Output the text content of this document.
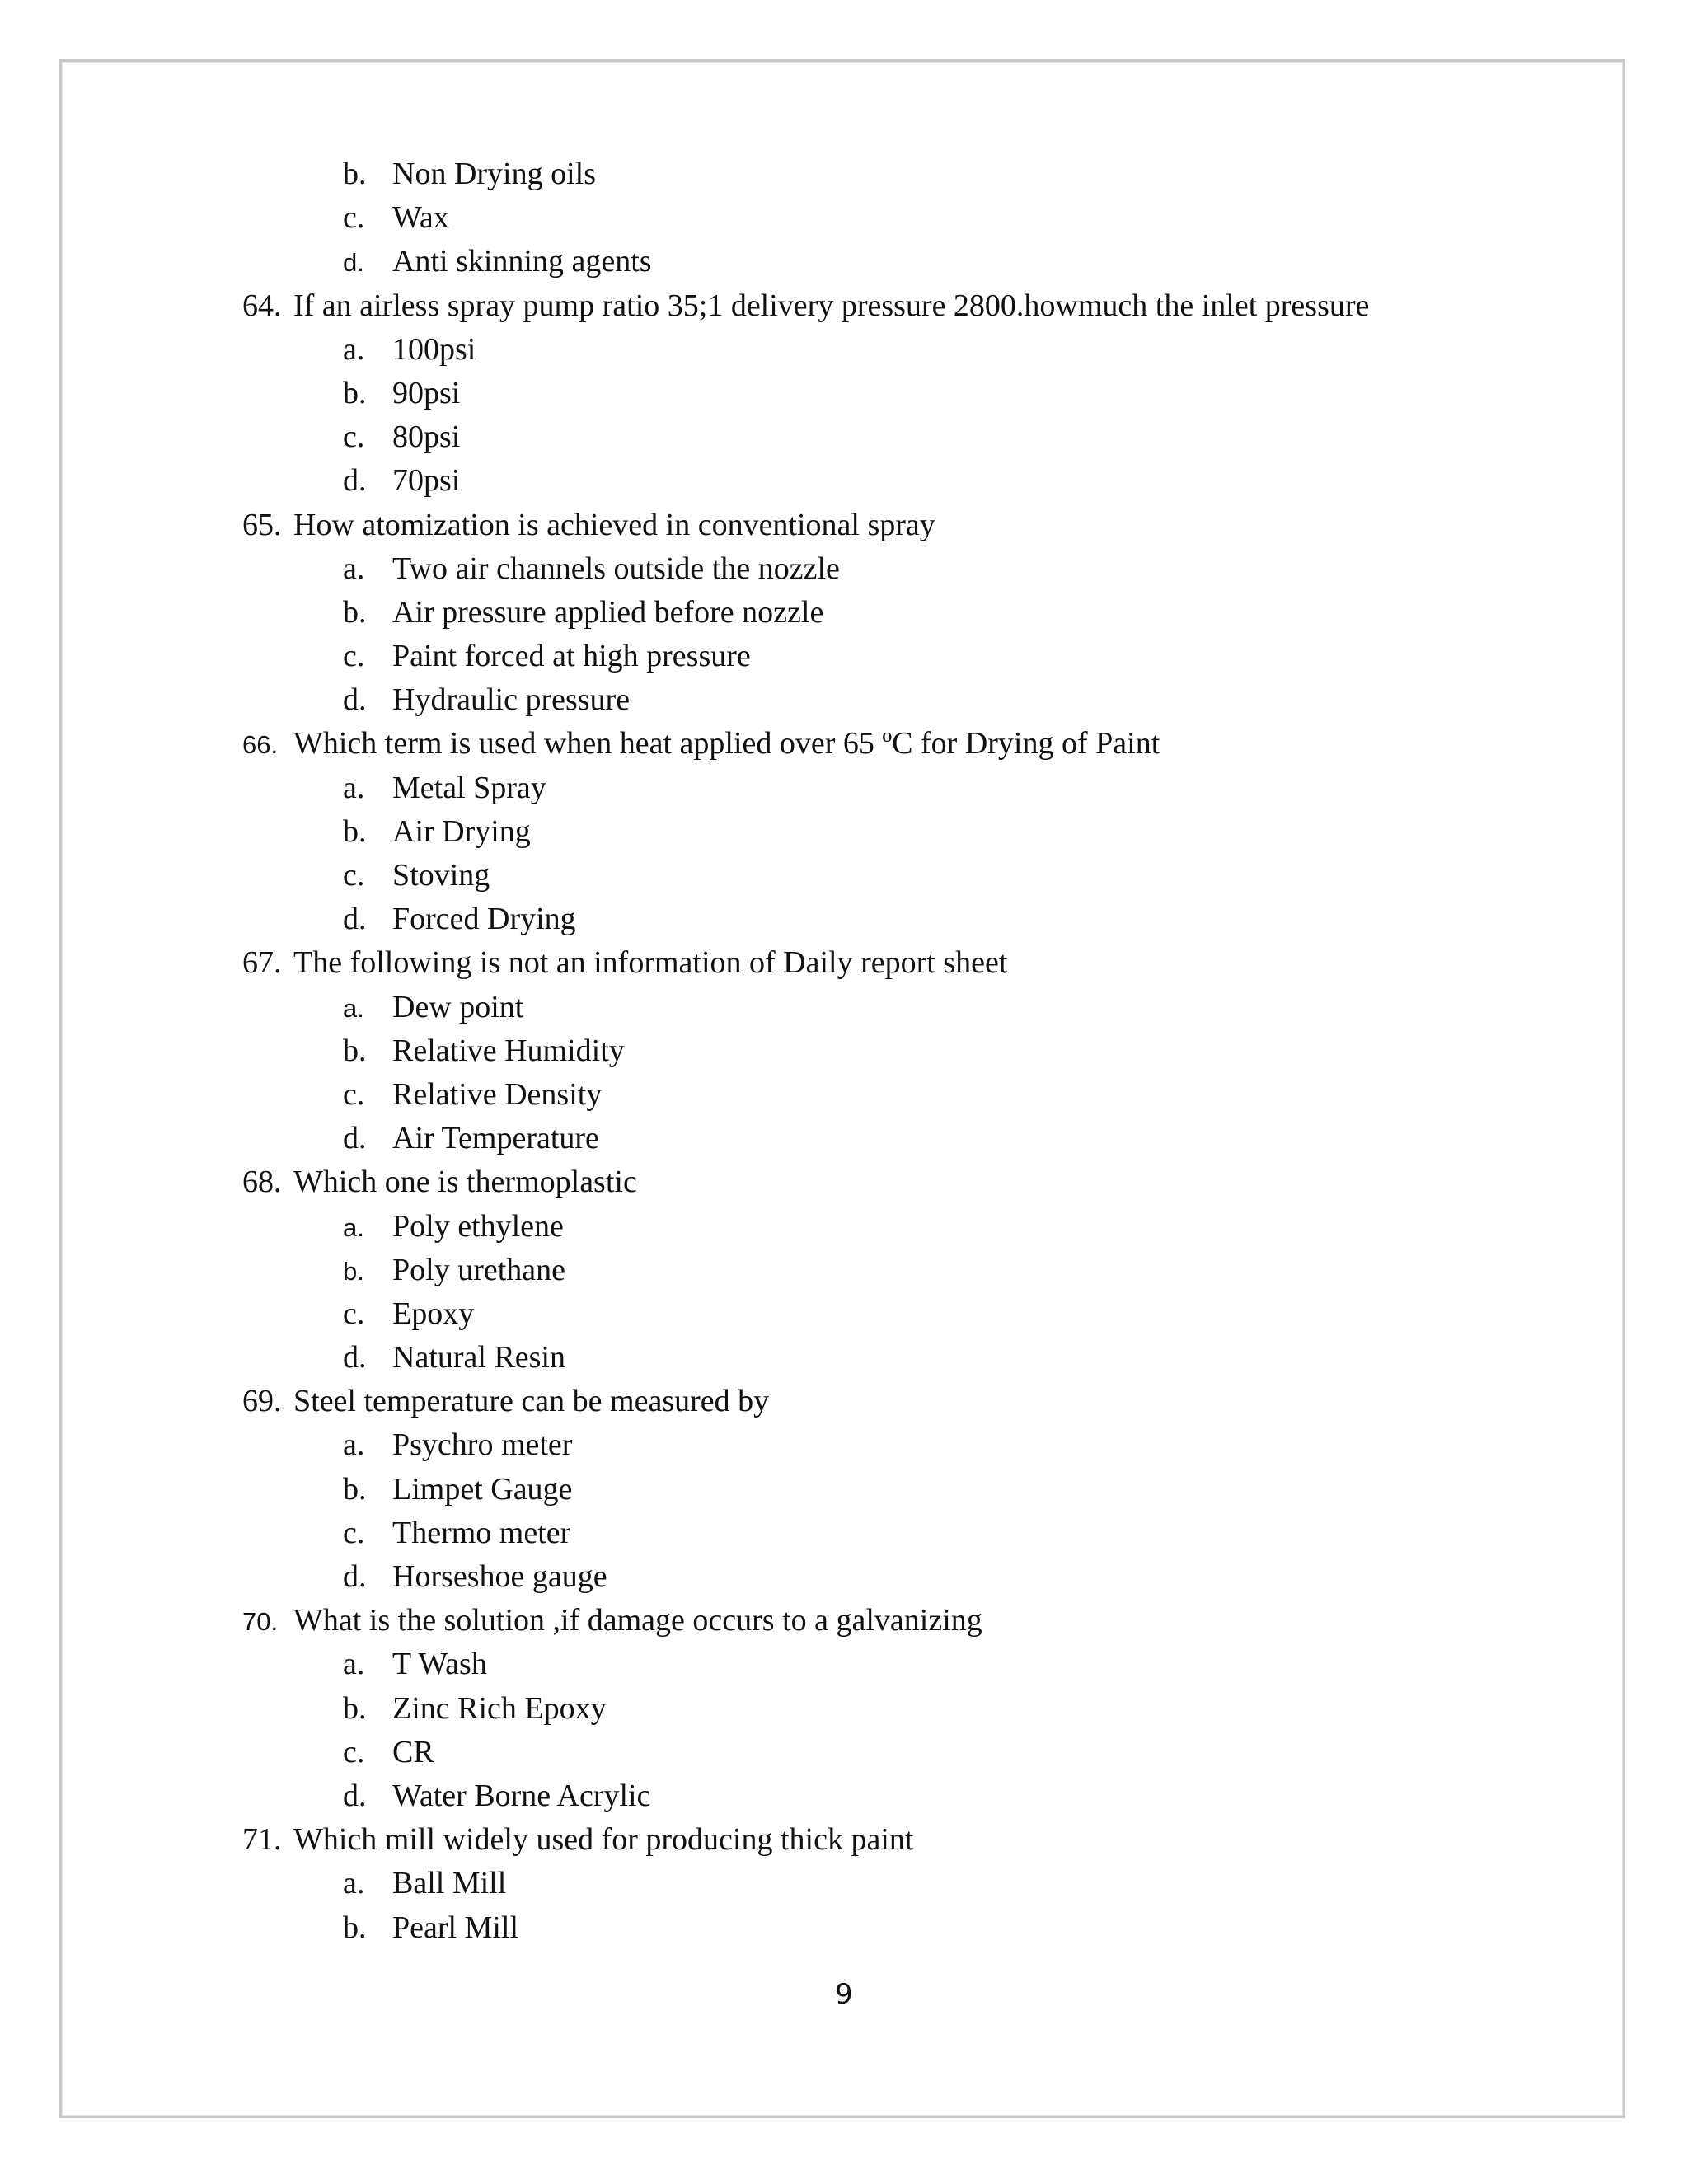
b. Non Drying oils
c. Wax
d. Anti skinning agents
64. If an airless spray pump ratio 35;1 delivery pressure 2800.howmuch the inlet pressure
a. 100psi
b. 90psi
c. 80psi
d. 70psi
65. How atomization is achieved in conventional spray
a. Two air channels outside the nozzle
b. Air pressure applied before nozzle
c. Paint forced at high pressure
d. Hydraulic pressure
66. Which term is used when heat applied over 65 ºC for Drying of Paint
a. Metal Spray
b. Air Drying
c. Stoving
d. Forced Drying
67. The following is not an information of Daily report sheet
a. Dew point
b. Relative Humidity
c. Relative Density
d. Air Temperature
68. Which one is thermoplastic
a. Poly ethylene
b. Poly urethane
c. Epoxy
d. Natural Resin
69. Steel temperature can be measured by
a. Psychro meter
b. Limpet Gauge
c. Thermo meter
d. Horseshoe gauge
70. What is the solution ,if damage occurs to a galvanizing
a. T Wash
b. Zinc Rich Epoxy
c. CR
d. Water Borne Acrylic
71. Which mill widely used for producing thick paint
a. Ball Mill
b. Pearl Mill
9
